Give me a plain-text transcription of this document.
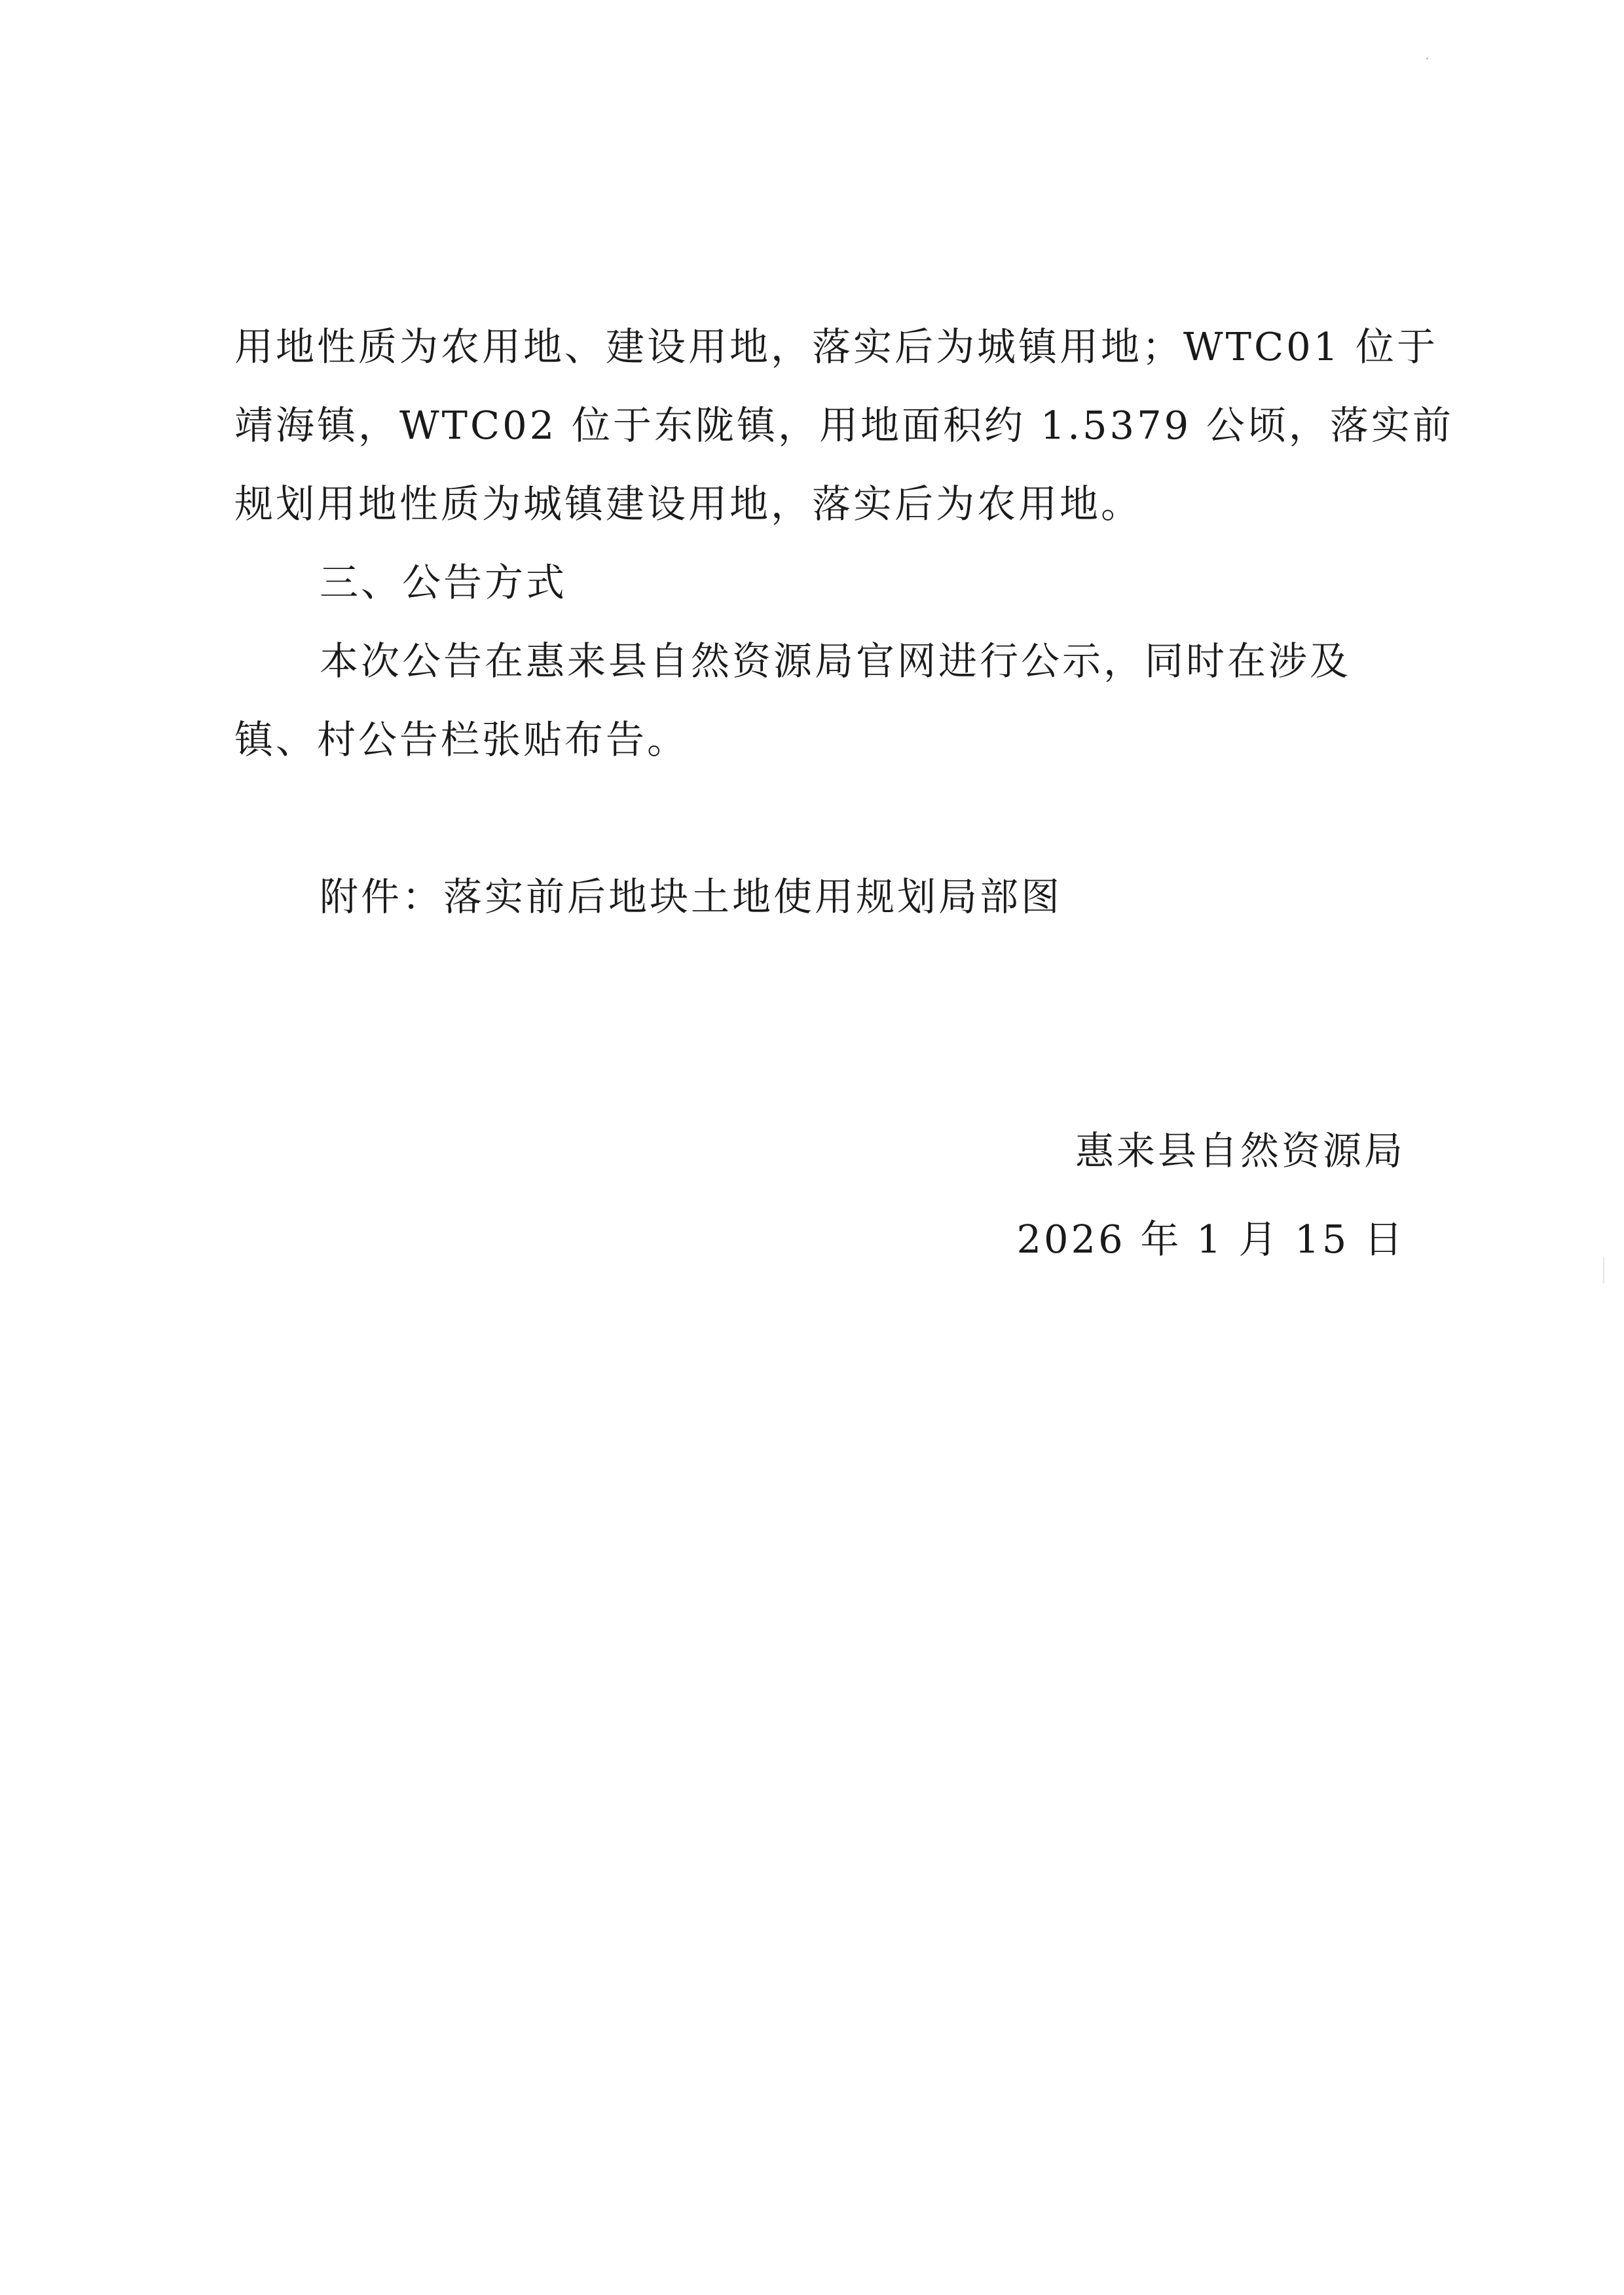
用地性质为农用地、建设用地，落实后为城镇用地；WTC01 位于
靖海镇，WTC02 位于东陇镇，用地面积约 1.5379 公顷，落实前
规划用地性质为城镇建设用地，落实后为农用地。

三、公告方式

本次公告在惠来县自然资源局官网进行公示，同时在涉及
镇、村公告栏张贴布告。

附件：落实前后地块土地使用规划局部图

惠来县自然资源局
2026 年 1 月 15 日
